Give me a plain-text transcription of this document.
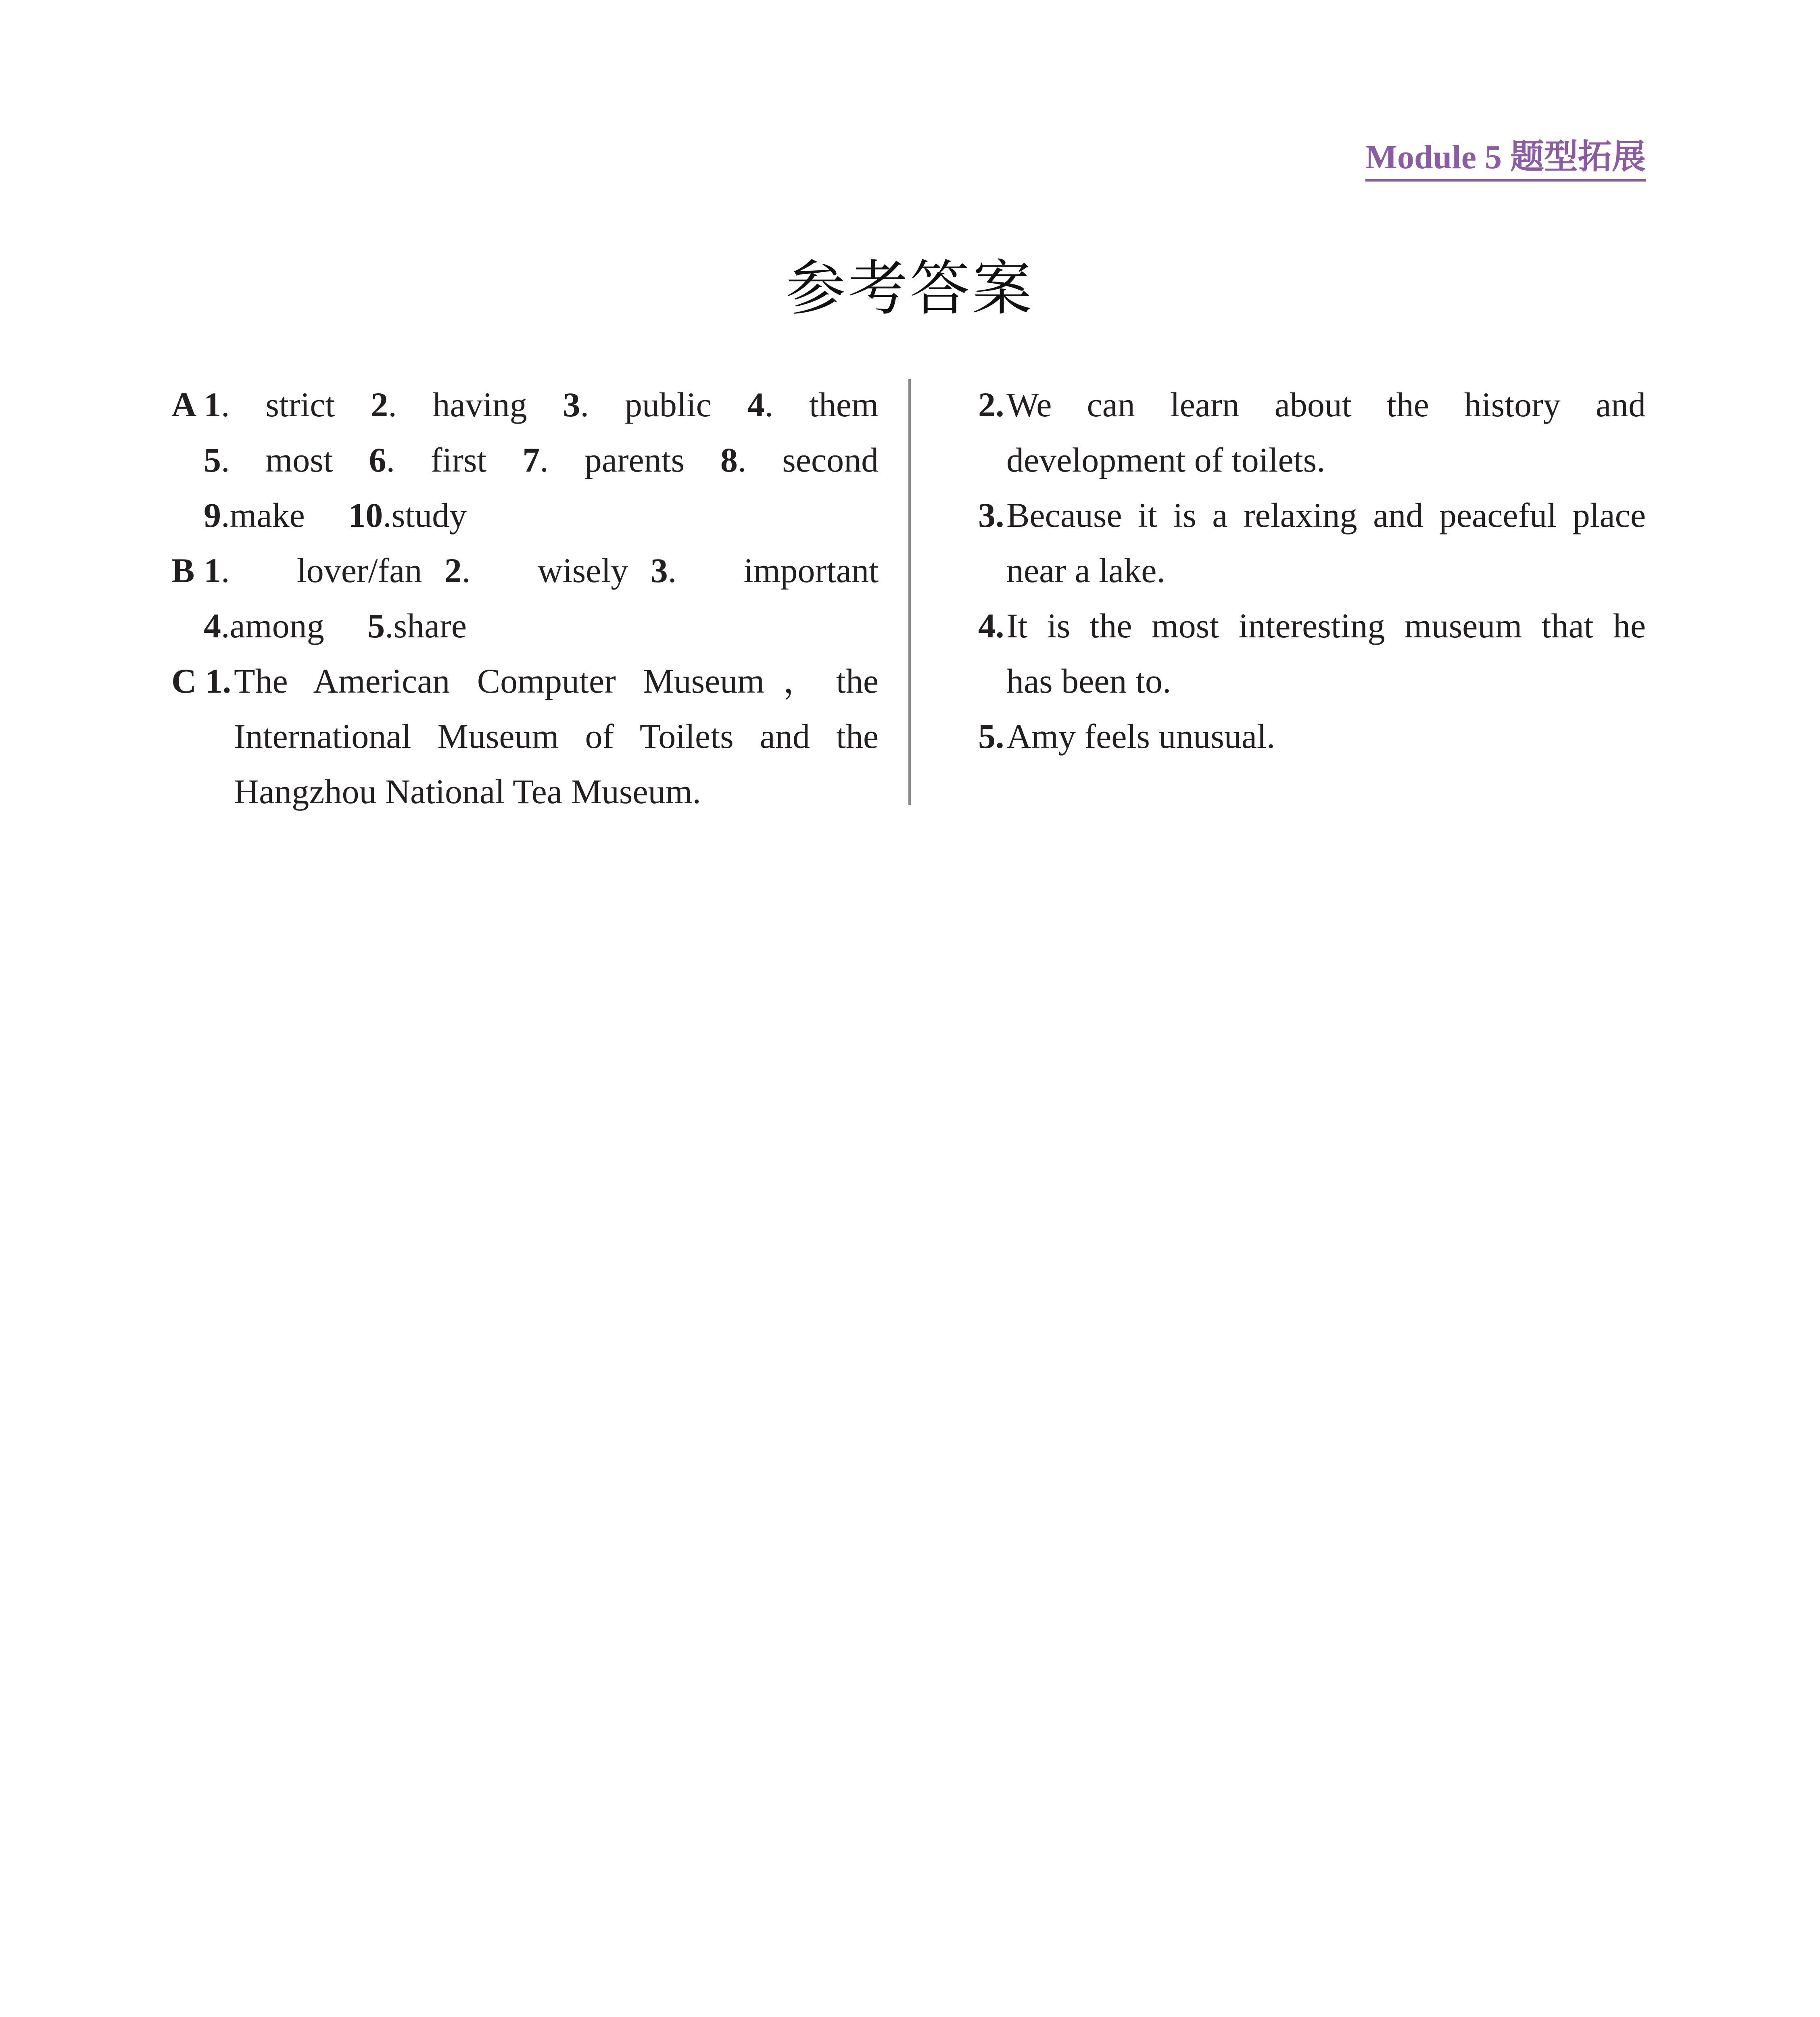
Module 5 题型拓展
参考答案
A 1. strict 2. having 3. public 4. them
5. most 6. first 7. parents 8. second
9.make 10.study
B 1.   lover/fan 2.   wisely 3.   important
4.among 5.share
C 1. The American Computer Museum，the
International Museum of Toilets and the
Hangzhou National Tea Museum.
2. We can learn about the history and
development of toilets.
3. Because it is a relaxing and peaceful place
near a lake.
4. It is the most interesting museum that he
has been to.
5. Amy feels unusual.
